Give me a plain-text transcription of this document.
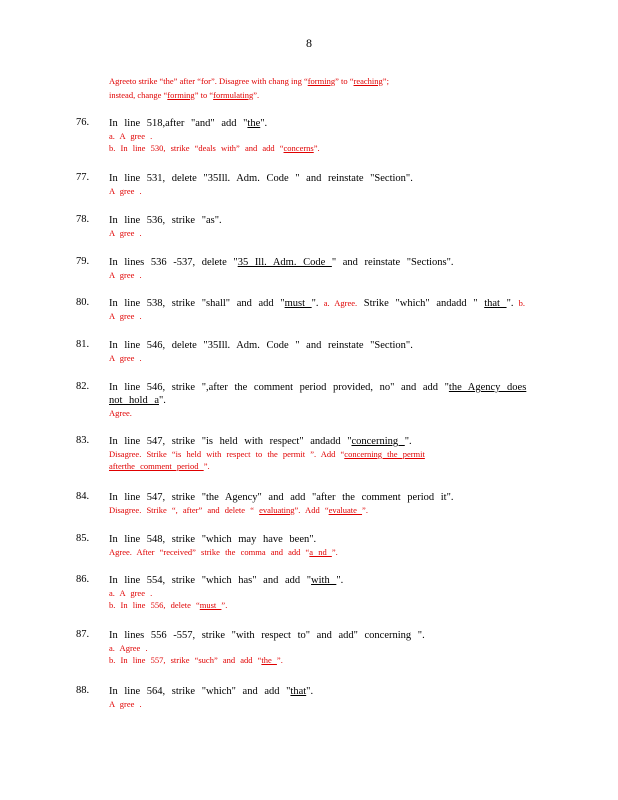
8
Agreeto strike “the” after “for”. Disagree with chang ing “forming” to “reaching”;
instead, change “forming” to “formulating”.
76. In line 518,after "and" add "the".
a. A gree .
b. In line 530, strike “deals with” and add “concerns”.
77. In line 531, delete "35Ill. Adm. Code " and reinstate "Section".
A gree .
78. In line 536, strike "as".
A gree .
79. In lines 536 -537, delete "35 Ill. Adm. Code " and reinstate "Sections".
A gree .
80. In line 538, strike "shall" and add "must ". a. Agree. Strike "which" andadd " that ". b.
A gree .
81. In line 546, delete "35Ill. Adm. Code " and reinstate "Section".
A gree .
82. In line 546, strike ",after the comment period provided, no" and add "the Agency does not hold a".
Agree.
83. In line 547, strike "is held with respect" andadd "concerning ".
Disagree. Strike “is held with respect to the permit ”. Add “concerning the permit
afterthe comment period ”.
84. In line 547, strike "the Agency" and add "after the comment period it".
Disagree. Strike “, after” and delete “ evaluating”. Add “evaluate ”.
85. In line 548, strike "which may have been".
Agree. After “received” strike the comma and add “a nd ”.
86. In line 554, strike "which has" and add "with ".
a. A gree .
b. In line 556, delete “must ”.
87. In lines 556 -557, strike "with respect to" and add" concerning ".
a. Agree .
b. In line 557, strike “such” and add “the ”.
88. In line 564, strike "which" and add "that".
A gree .
